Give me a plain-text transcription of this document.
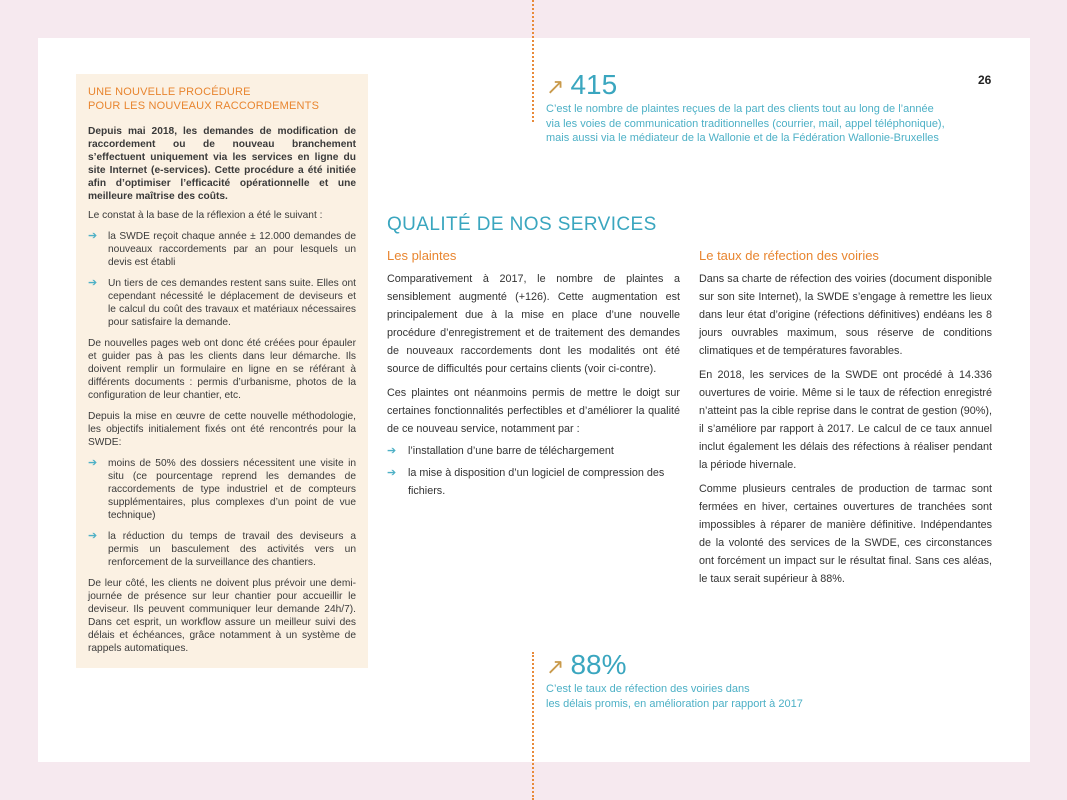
26
UNE NOUVELLE PROCÉDURE
POUR LES NOUVEAUX RACCORDEMENTS

Depuis mai 2018, les demandes de modification de raccordement ou de nouveau branchement s’effectuent uniquement via les services en ligne du site Internet (e-services). Cette procédure a été initiée afin d’optimiser l’efficacité opérationnelle et une meilleure maîtrise des coûts.

Le constat à la base de la réflexion a été le suivant :

➔ la SWDE reçoit chaque année ± 12.000 demandes de nouveaux raccordements par an pour lesquels un devis est établi
➔ Un tiers de ces demandes restent sans suite. Elles ont cependant nécessité le déplacement de deviseurs et le calcul du coût des travaux et matériaux nécessaires pour satisfaire la demande.

De nouvelles pages web ont donc été créées pour épauler et guider pas à pas les clients dans leur démarche. Ils doivent remplir un formulaire en ligne en se référant à différents documents : permis d’urbanisme, photos de la configuration de leur chantier, etc.

Depuis la mise en œuvre de cette nouvelle méthodologie, les objectifs initialement fixés ont été rencontrés pour la SWDE:

➔ moins de 50% des dossiers nécessitent une visite in situ (ce pourcentage reprend les demandes de raccordements de type industriel et de compteurs supplémentaires, plus complexes d’un point de vue technique)
➔ la réduction du temps de travail des deviseurs a permis un basculement des activités vers un renforcement de la surveillance des chantiers.

De leur côté, les clients ne doivent plus prévoir une demi-journée de présence sur leur chantier pour accueillir le deviseur. Ils peuvent communiquer leur demande 24h/7). Dans cet esprit, un workflow assure un meilleur suivi des délais et échéances, grâce notamment à un système de rappels automatiques.

↗ 415
C’est le nombre de plaintes reçues de la part des clients tout au long de l’année
via les voies de communication traditionnelles (courrier, mail, appel téléphonique),
mais aussi via le médiateur de la Wallonie et de la Fédération Wallonie-Bruxelles
QUALITÉ DE NOS SERVICES
Les plaintes

Comparativement à 2017, le nombre de plaintes a sensiblement augmenté (+126). Cette augmentation est principalement due à la mise en place d’une nouvelle procédure d’enregistrement et de traitement des demandes de nouveaux raccordements dont les modalités ont été source de difficultés pour certains clients (voir ci-contre).

Ces plaintes ont néanmoins permis de mettre le doigt sur certaines fonctionnalités perfectibles et d’améliorer la qualité de ce nouveau service, notamment par :

➔ l’installation d’une barre de téléchargement
➔ la mise à disposition d’un logiciel de compression des fichiers.
Le taux de réfection des voiries

Dans sa charte de réfection des voiries (document disponible sur son site Internet), la SWDE s’engage à remettre les lieux dans leur état d’origine (réfections définitives) endéans les 8 jours ouvrables maximum, sous réserve de conditions climatiques et de températures favorables.

En 2018, les services de la SWDE ont procédé à 14.336 ouvertures de voirie. Même si le taux de réfection enregistré n’atteint pas la cible reprise dans le contrat de gestion (90%), il s’améliore par rapport à 2017. Le calcul de ce taux annuel inclut également les délais des réfections à réaliser pendant la période hivernale.

Comme plusieurs centrales de production de tarmac sont fermées en hiver, certaines ouvertures de tranchées sont impossibles à réparer de manière définitive. Indépendantes de la volonté des services de la SWDE, ces circonstances ont forcément un impact sur le résultat final. Sans ces aléas, le taux serait supérieur à 88%.

↗ 88%
C’est le taux de réfection des voiries dans
les délais promis, en amélioration par rapport à 2017
